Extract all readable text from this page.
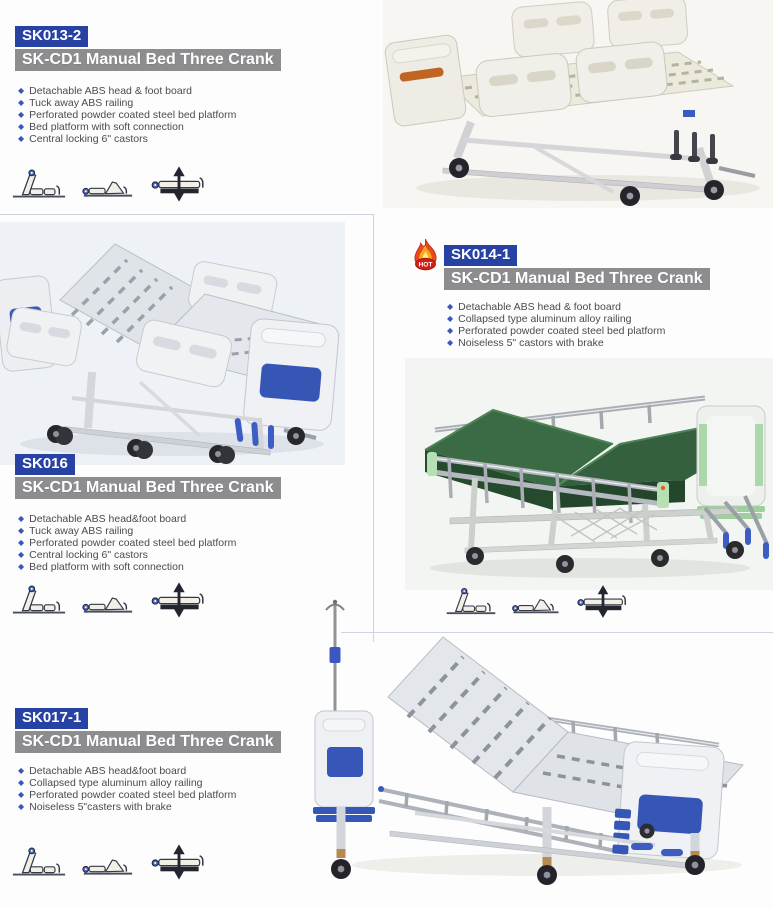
SK013-2
SK-CD1 Manual Bed Three Crank
◆ Detachable ABS head & foot board
◆ Tuck away ABS railing
◆ Perforated powder coated steel bed platform
◆ Bed platform with soft connection
◆ Central locking 6" castors
SK016
SK-CD1 Manual Bed Three Crank
◆ Detachable ABS head&foot board
◆ Tuck away ABS railing
◆ Perforated powder coated steel bed platform
◆ Central locking 6" castors
◆ Bed platform with soft connection
HOT
SK014-1
SK-CD1 Manual Bed Three Crank
◆ Detachable ABS head & foot board
◆ Collapsed type aluminum alloy railing
◆ Perforated powder coated steel bed platform
◆ Noiseless 5" castors with brake
SK017-1
SK-CD1 Manual Bed Three Crank
◆ Detachable ABS head&foot board
◆ Collapsed type aluminum alloy railing
◆ Perforated powder coated steel bed platform
◆ Noiseless 5"casters with brake
